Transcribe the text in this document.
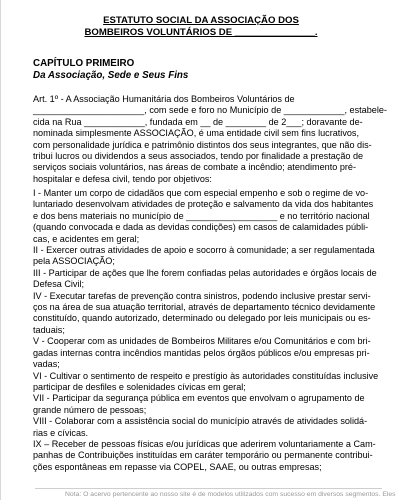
ESTATUTO SOCIAL DA ASSOCIAÇÃO DOS
BOMBEIROS VOLUNTÁRIOS DE _______________.
CAPÍTULO PRIMEIRO
Da Associação, Sede e Seus Fins
Art. 1º - A Associação Humanitária dos Bombeiros Voluntários de
______________________, com sede e foro no Município de ____________, estabele-
cida na Rua ____________, fundada em __ de ________ de 2___; doravante de-
nominada simplesmente ASSOCIAÇÃO, é uma entidade civil sem fins lucrativos,
com personalidade jurídica e patrimônio distintos dos seus integrantes, que não dis-
tribui lucros ou dividendos a seus associados, tendo por finalidade a prestação de
serviços sociais voluntários, nas áreas de combate a incêndio; atendimento pré-
hospitalar e defesa civil, tendo por objetivos:
I - Manter um corpo de cidadãos que com especial empenho e sob o regime de vo-
luntariado desenvolvam atividades de proteção e salvamento da vida dos habitantes
e dos bens materiais no município de __________________ e no território nacional
(quando convocada e dada as devidas condições) em casos de calamidades públi-
cas, e acidentes em geral;
II - Exercer outras atividades de apoio e socorro à comunidade; a ser regulamentada
pela ASSOCIAÇÃO;
III - Participar de ações que lhe forem confiadas pelas autoridades e órgãos locais de
Defesa Civil;
IV - Executar tarefas de prevenção contra sinistros, podendo inclusive prestar servi-
ços na área de sua atuação territorial, através de departamento técnico devidamente
constituído, quando autorizado, determinado ou delegado por leis municipais ou es-
taduais;
V - Cooperar com as unidades de Bombeiros Militares e/ou Comunitários e com bri-
gadas internas contra incêndios mantidas pelos órgãos públicos e/ou empresas pri-
vadas;
VI - Cultivar o sentimento de respeito e prestígio às autoridades constituídas inclusive
participar de desfiles e solenidades cívicas em geral;
VII - Participar da segurança pública em eventos que envolvam o agrupamento de
grande número de pessoas;
VIII - Colaborar com a assistência social do município através de atividades solidá-
rias e cívicas.
IX – Receber de pessoas físicas e/ou jurídicas que aderirem voluntariamente a Cam-
panhas de Contribuições instituídas em caráter temporário ou permanente contribui-
ções espontâneas em repasse via COPEL, SAAE, ou outras empresas;
Nota: O acervo pertencente ao nosso site é de modelos utilizados com sucesso em diversos segmentos. Eles
